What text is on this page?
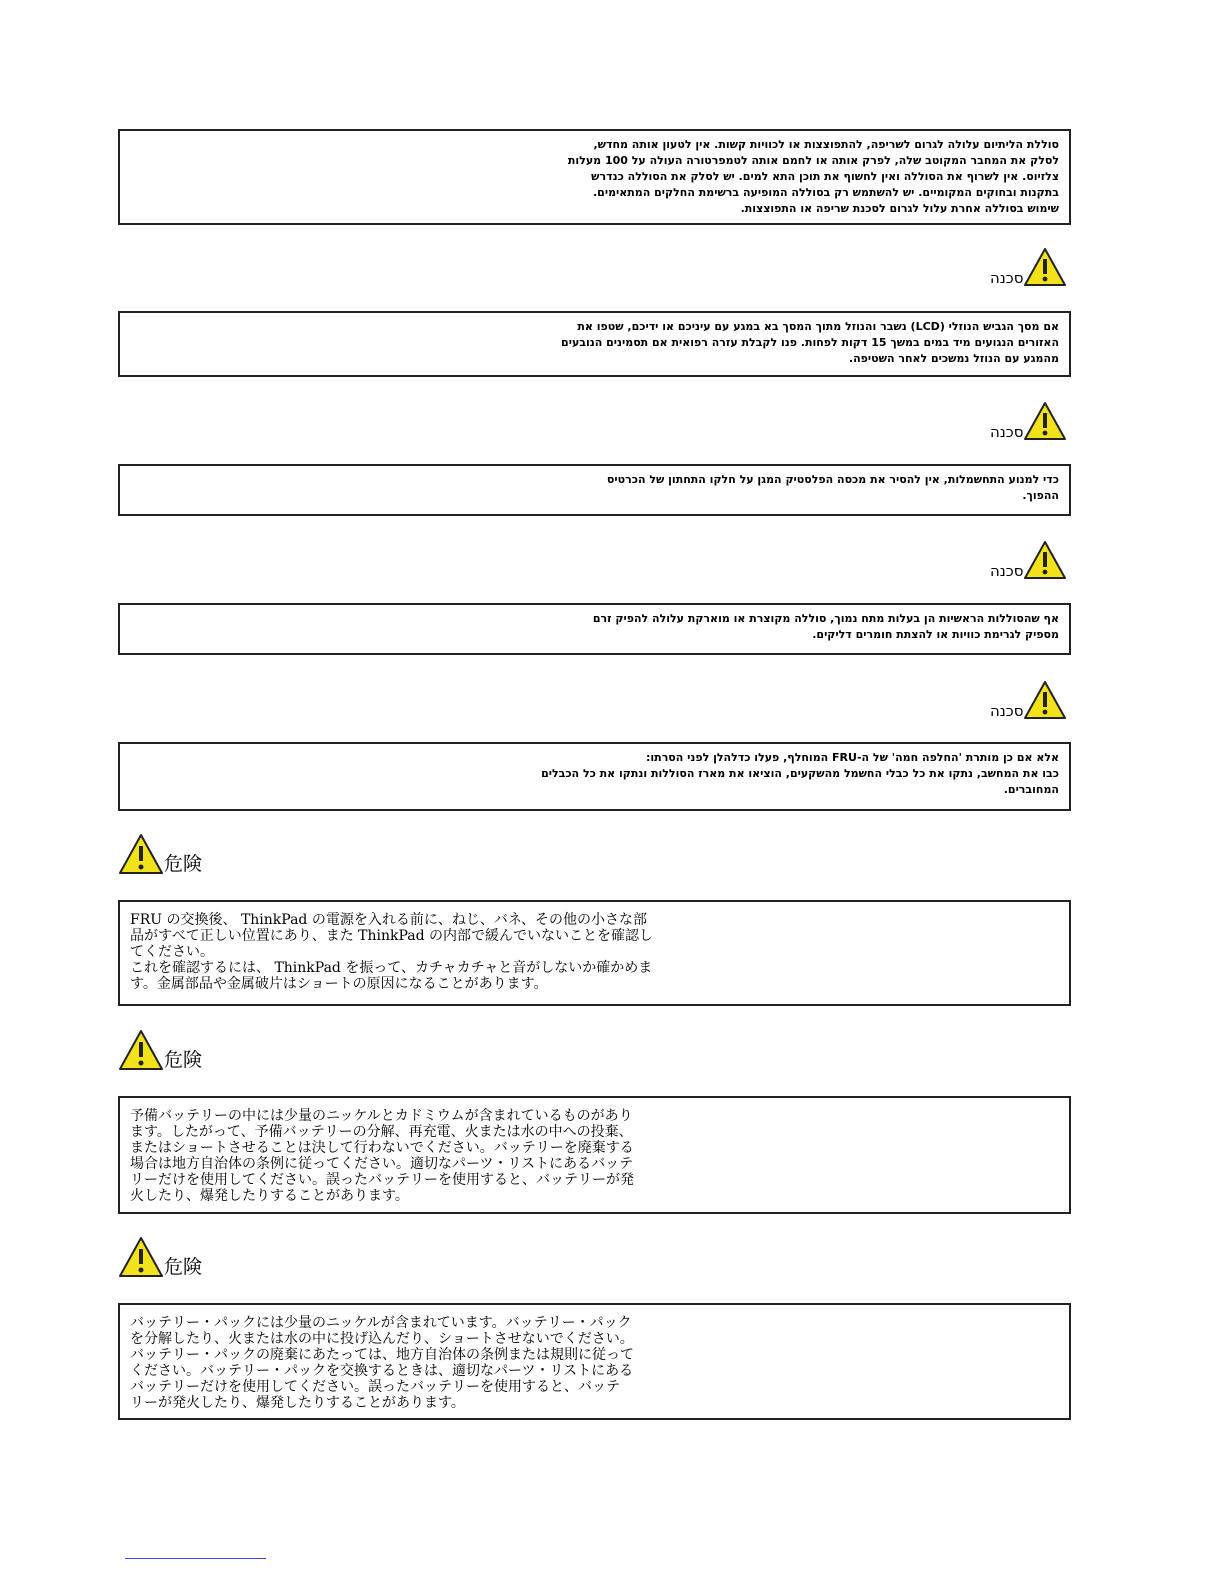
סוללת הליתיום עלולה לגרום לשריפה, להתפוצצות או לכוויות קשות. אין לטעון אותה מחדש,

לסלק את המחבר המקוטב שלה, לפרק אותה או לחמם אותה לטמפרטורה העולה על 100 מעלות

צלזיוס. אין לשרוף את הסוללה ואין לחשוף את תוכן התא למים. יש לסלק את הסוללה כנדרש

בתקנות ובחוקים המקומיים. יש להשתמש רק בסוללה המופיעה ברשימת החלקים המתאימים.

שימוש בסוללה אחרת עלול לגרום לסכנת שריפה או התפוצצות.

סכנה

אם מסך הגביש הנוזלי (LCD) נשבר והנוזל מתוך המסך בא במגע עם עיניכם או ידיכם, שטפו את

האזורים הנגועים מיד במים במשך 15 דקות לפחות. פנו לקבלת עזרה רפואית אם תסמינים הנובעים

מהמגע עם הנוזל נמשכים לאחר השטיפה.

סכנה

כדי למנוע התחשמלות, אין להסיר את מכסה הפלסטיק המגן על חלקו התחתון של הכרטיס

ההפוך.

סכנה

אף שהסוללות הראשיות הן בעלות מתח נמוך, סוללה מקוצרת או מוארקת עלולה להפיק זרם

מספיק לגרימת כוויות או להצתת חומרים דליקים.

סכנה

אלא אם כן מותרת 'החלפה חמה' של ה-FRU המוחלף, פעלו כדלהלן לפני הסרתו:

כבו את המחשב, נתקו את כל כבלי החשמל מהשקעים, הוציאו את מארז הסוללות ונתקו את כל הכבלים

המחוברים.

危険

FRU の交換後、 ThinkPad の電源を入れる前に、ねじ、バネ、その他の小さな部

品がすべて正しい位置にあり、また ThinkPad の内部で緩んでいないことを確認し

てください。

これを確認するには、 ThinkPad を振って、カチャカチャと音がしないか確かめま

す。金属部品や金属破片はショートの原因になることがあります。

危険

予備バッテリーの中には少量のニッケルとカドミウムが含まれているものがあり

ます。したがって、予備バッテリーの分解、再充電、火または水の中への投棄、

またはショートさせることは決して行わないでください。バッテリーを廃棄する

場合は地方自治体の条例に従ってください。適切なパーツ・リストにあるバッテ

リーだけを使用してください。誤ったバッテリーを使用すると、バッテリーが発

火したり、爆発したりすることがあります。

危険

バッテリー・パックには少量のニッケルが含まれています。バッテリー・パック

を分解したり、火または水の中に投げ込んだり、ショートさせないでください。

バッテリー・パックの廃棄にあたっては、地方自治体の条例または規則に従って

ください。バッテリー・パックを交換するときは、適切なパーツ・リストにある

バッテリーだけを使用してください。誤ったバッテリーを使用すると、バッテ

リーが発火したり、爆発したりすることがあります。
